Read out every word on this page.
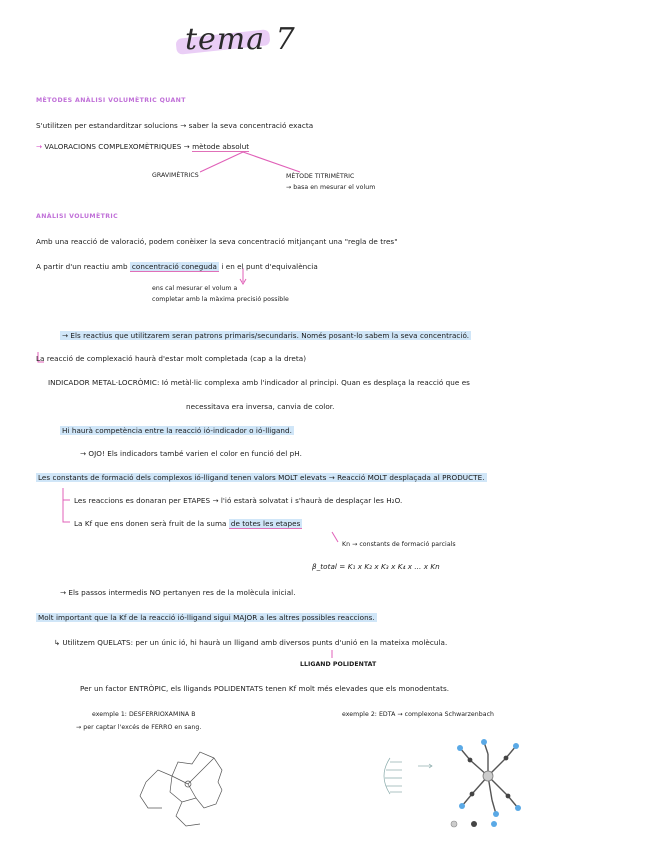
tema 7
MÈTODES ANÀLISI VOLUMÈTRIC QUANT
S'utilitzen per estandarditzar solucions → saber la seva concentració exacta
→ VALORACIONS COMPLEXOMÈTRIQUES → mètode absolut
GRAVIMÈTRICS	MÈTODE TITRIMÈTRIC
→ basa en mesurar el volum
ANÀLISI VOLUMÈTRIC
Amb una reacció de valoració, podem conèixer la seva concentració mitjançant una "regla de tres"
A partir d'un reactiu amb concentració coneguda i en el punt d'equivalència
ens cal mesurar el volum a
completar amb la màxima precisió possible
→ Els reactius que utilitzarem seran patrons primaris/secundaris. Només posant-lo sabem la seva concentració.
La reacció de complexació haurà d'estar molt completada (cap a la dreta)
INDICADOR METAL·LOCRÒMIC: Ió metàl·lic complexa amb l'indicador al principi. Quan es desplaça la reacció que es
necessitava era inversa, canvia de color.
Hi haurà competència entre la reacció ió-indicador o ió-lligand.
→ OJO! Els indicadors també varien el color en funció del pH.
Les constants de formació dels complexos ió-lligand tenen valors MOLT elevats → Reacció MOLT desplaçada al PRODUCTE.
Les reaccions es donaran per ETAPES → l'ió estarà solvatat i s'haurà de desplaçar les H₂O.
La Kf que ens donen serà fruit de la suma de totes les etapes
Kn → constants de formació parcials
β_total = K₁ x K₂ x K₃ x K₄ x ... x Kn
→ Els passos intermedis NO pertanyen res de la molècula inicial.
Molt important que la Kf de la reacció ió-lligand sigui MAJOR a les altres possibles reaccions.
↳ Utilitzem QUELATS: per un únic ió, hi haurà un lligand amb diversos punts d'unió en la mateixa molècula.
LLIGAND POLIDENTAT
Per un factor ENTRÒPIC, els lligands POLIDENTATS tenen Kf molt més elevades que els monodentats.
exemple 1: DESFERRIOXAMINA B
→ per captar l'excés de FERRO en sang.
exemple 2: EDTA → complexona Schwarzenbach
